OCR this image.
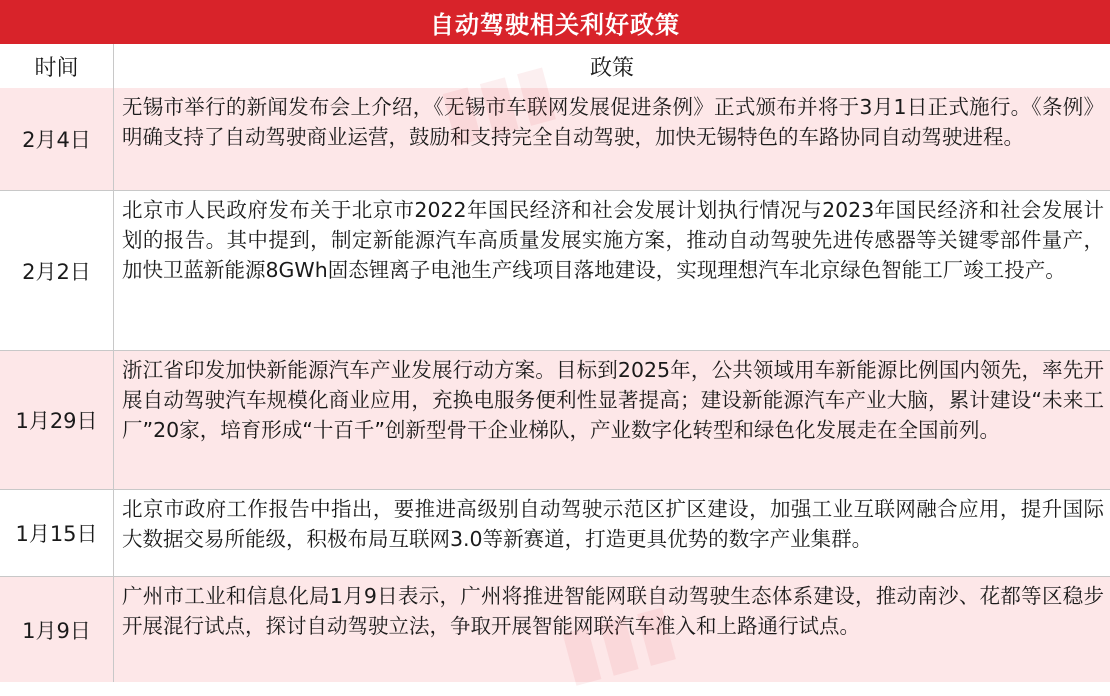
自动驾驶相关利好政策
时间	政策
2月4日
无锡市举行的新闻发布会上介绍，《无锡市车联网发展促进条例》正式颁布并将于3月1日正式施行。《条例》明确支持了自动驾驶商业运营，鼓励和支持完全自动驾驶，加快无锡特色的车路协同自动驾驶进程。
2月2日
北京市人民政府发布关于北京市2022年国民经济和社会发展计划执行情况与2023年国民经济和社会发展计划的报告。其中提到，制定新能源汽车高质量发展实施方案，推动自动驾驶先进传感器等关键零部件量产，加快卫蓝新能源8GWh固态锂离子电池生产线项目落地建设，实现理想汽车北京绿色智能工厂竣工投产。
1月29日
浙江省印发加快新能源汽车产业发展行动方案。目标到2025年，公共领域用车新能源比例国内领先，率先开展自动驾驶汽车规模化商业应用，充换电服务便利性显著提高；建设新能源汽车产业大脑，累计建设“未来工厂”20家，培育形成“十百千”创新型骨干企业梯队，产业数字化转型和绿色化发展走在全国前列。
1月15日
北京市政府工作报告中指出，要推进高级别自动驾驶示范区扩区建设，加强工业互联网融合应用，提升国际大数据交易所能级，积极布局互联网3.0等新赛道，打造更具优势的数字产业集群。
1月9日
广州市工业和信息化局1月9日表示，广州将推进智能网联自动驾驶生态体系建设，推动南沙、花都等区稳步开展混行试点，探讨自动驾驶立法，争取开展智能网联汽车准入和上路通行试点。
